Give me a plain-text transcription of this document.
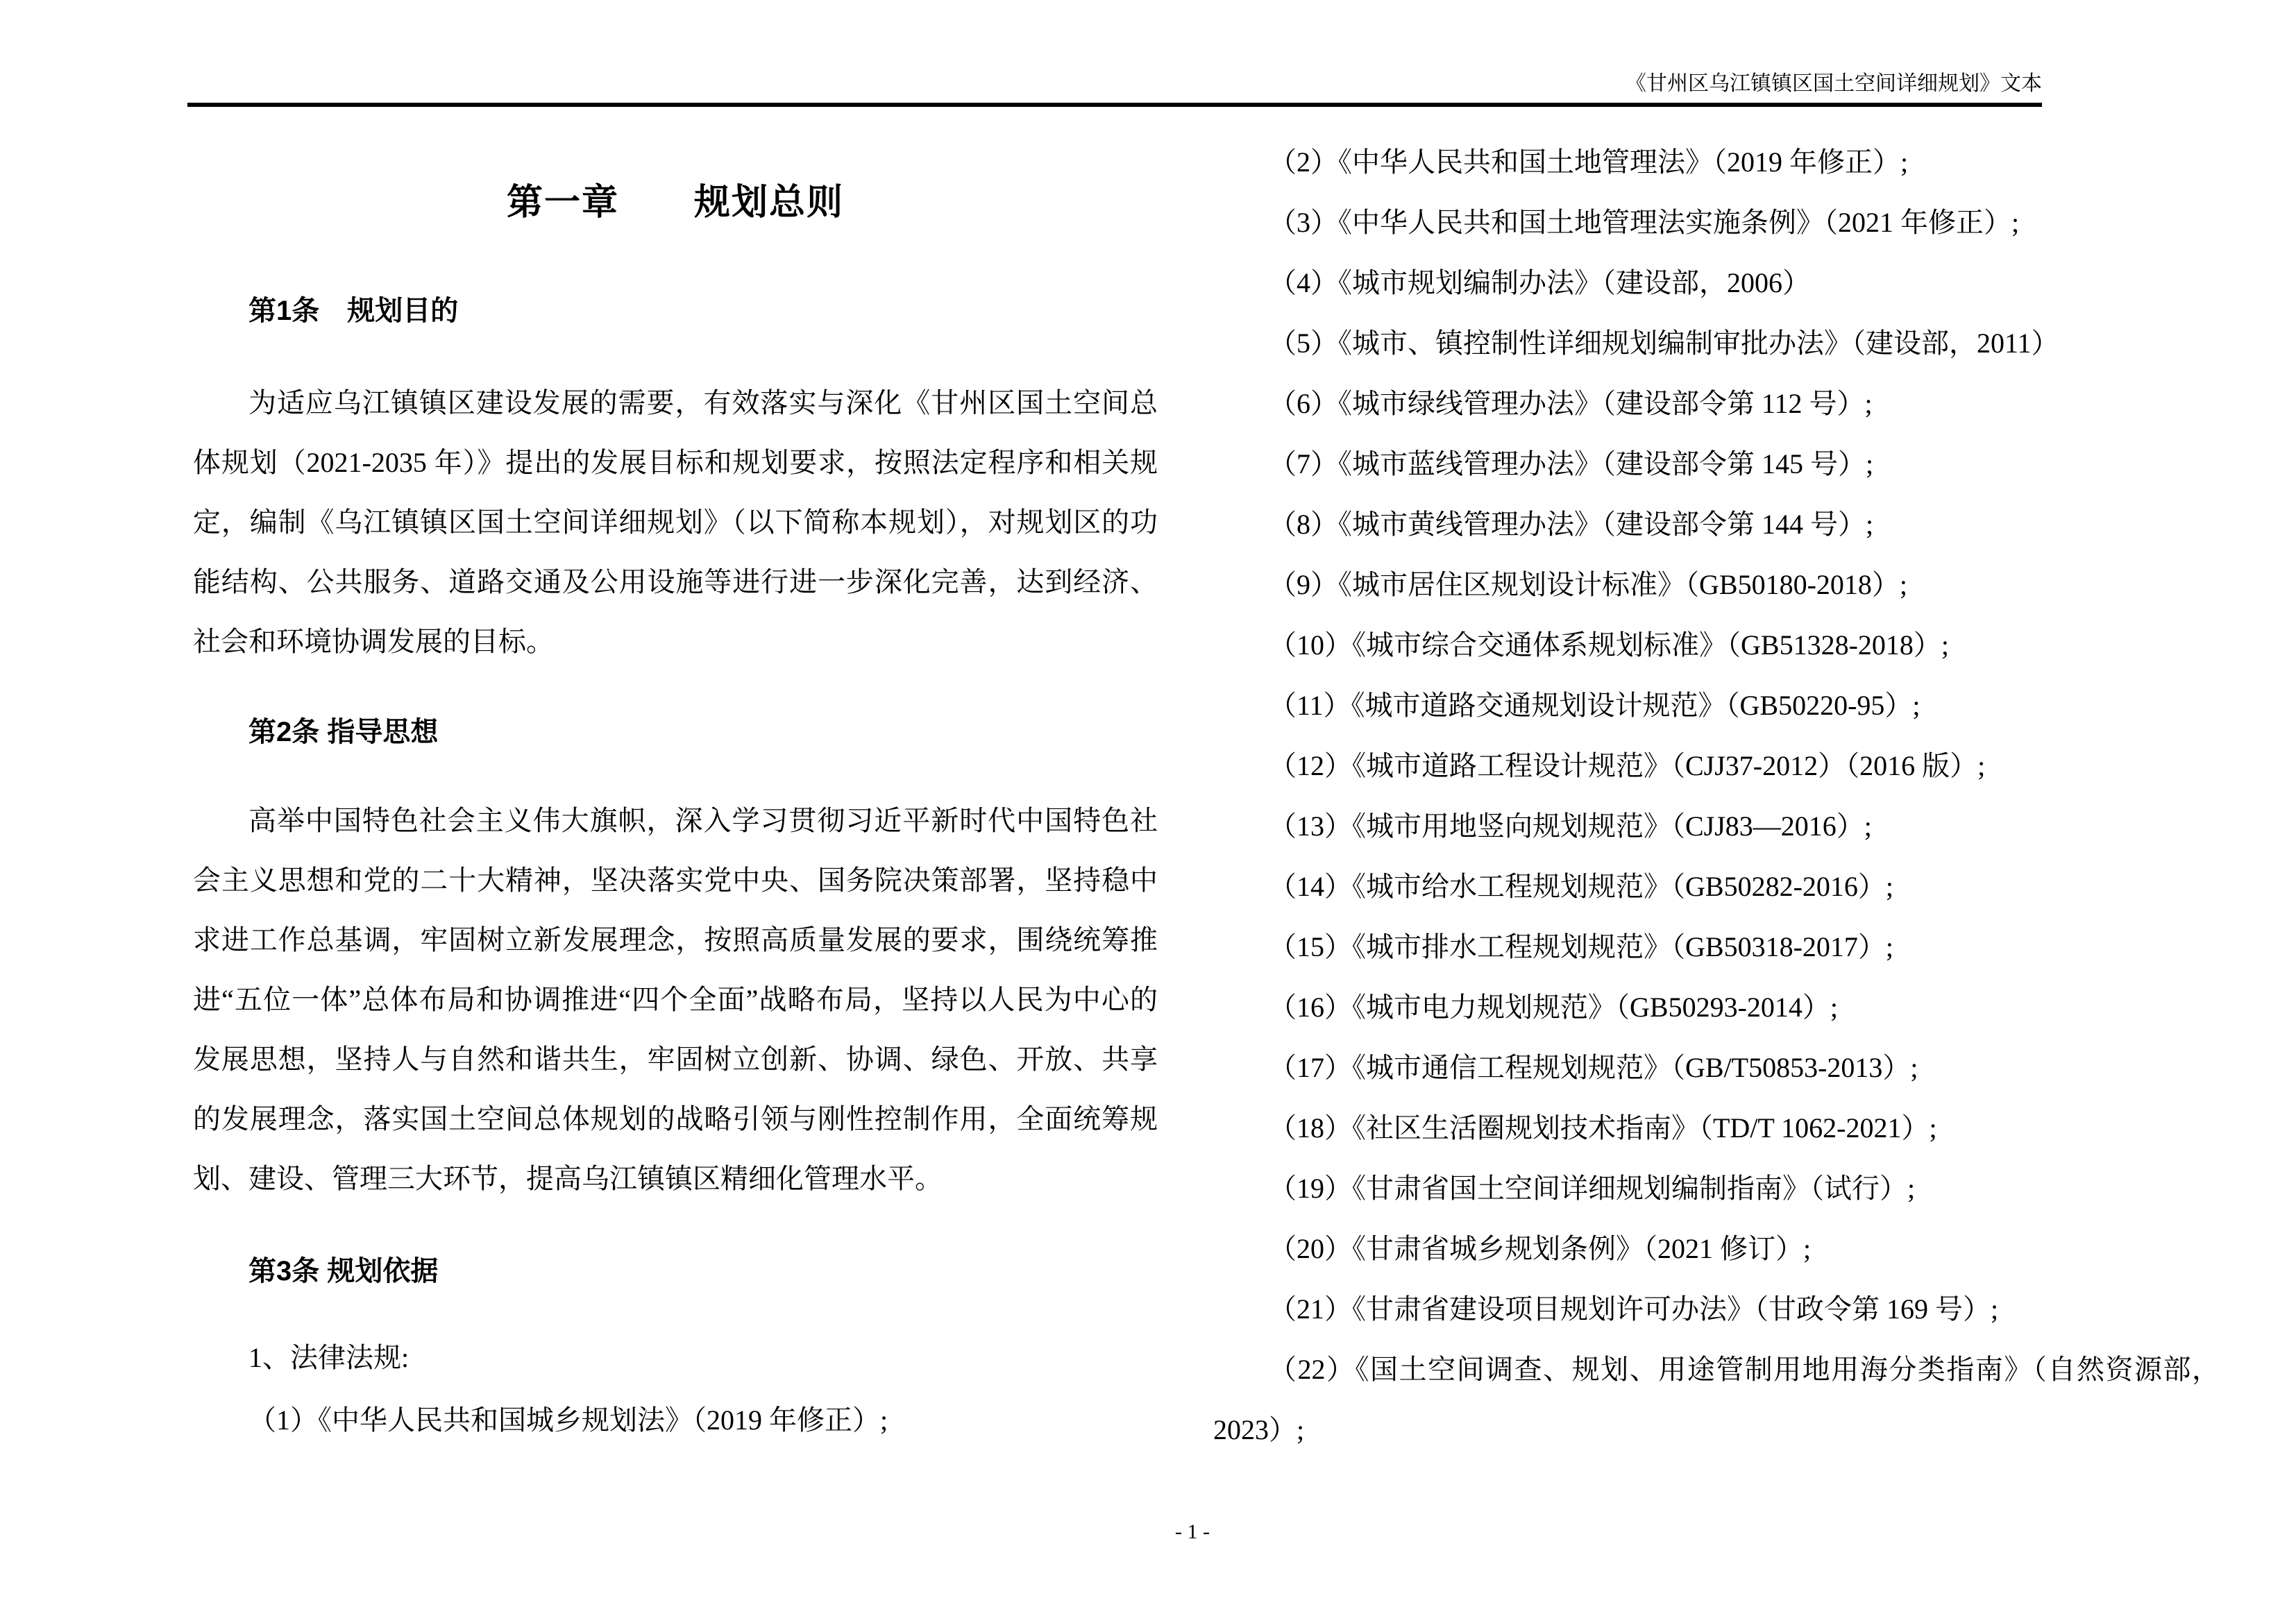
《甘州区乌江镇镇区国土空间详细规划》文本
第一章　　规划总则
第1条　规划目的

为适应乌江镇镇区建设发展的需要，有效落实与深化《甘州区国土空间总体规划（2021-2035 年）》提出的发展目标和规划要求，按照法定程序和相关规定，编制《乌江镇镇区国土空间详细规划》（以下简称本规划），对规划区的功能结构、公共服务、道路交通及公用设施等进行进一步深化完善，达到经济、社会和环境协调发展的目标。

第2条 指导思想

高举中国特色社会主义伟大旗帜，深入学习贯彻习近平新时代中国特色社会主义思想和党的二十大精神，坚决落实党中央、国务院决策部署，坚持稳中求进工作总基调，牢固树立新发展理念，按照高质量发展的要求，围绕统筹推进“五位一体”总体布局和协调推进“四个全面”战略布局，坚持以人民为中心的发展思想，坚持人与自然和谐共生，牢固树立创新、协调、绿色、开放、共享的发展理念，落实国土空间总体规划的战略引领与刚性控制作用，全面统筹规划、建设、管理三大环节，提高乌江镇镇区精细化管理水平。

第3条 规划依据

1、法律法规:

（1）《中华人民共和国城乡规划法》（2019 年修正）;

（2）《中华人民共和国土地管理法》（2019 年修正）;

（3）《中华人民共和国土地管理法实施条例》（2021 年修正）;

（4）《城市规划编制办法》（建设部，2006）

（5）《城市、镇控制性详细规划编制审批办法》（建设部，2011）

（6）《城市绿线管理办法》（建设部令第 112 号）;

（7）《城市蓝线管理办法》（建设部令第 145 号）;

（8）《城市黄线管理办法》（建设部令第 144 号）;

（9）《城市居住区规划设计标准》（GB50180-2018）;

（10）《城市综合交通体系规划标准》（GB51328-2018）;

（11）《城市道路交通规划设计规范》（GB50220-95）;

（12）《城市道路工程设计规范》（CJJ37-2012）（2016 版）;

（13）《城市用地竖向规划规范》（CJJ83—2016）;

（14）《城市给水工程规划规范》（GB50282-2016）;

（15）《城市排水工程规划规范》（GB50318-2017）;

（16）《城市电力规划规范》（GB50293-2014）;

（17）《城市通信工程规划规范》（GB/T50853-2013）;

（18）《社区生活圈规划技术指南》（TD/T 1062-2021）;

（19）《甘肃省国土空间详细规划编制指南》（试行）;

（20）《甘肃省城乡规划条例》（2021 修订）;

（21）《甘肃省建设项目规划许可办法》（甘政令第 169 号）;

（22）《国土空间调查、规划、用途管制用地用海分类指南》（自然资源部，2023）;

- 1 -
